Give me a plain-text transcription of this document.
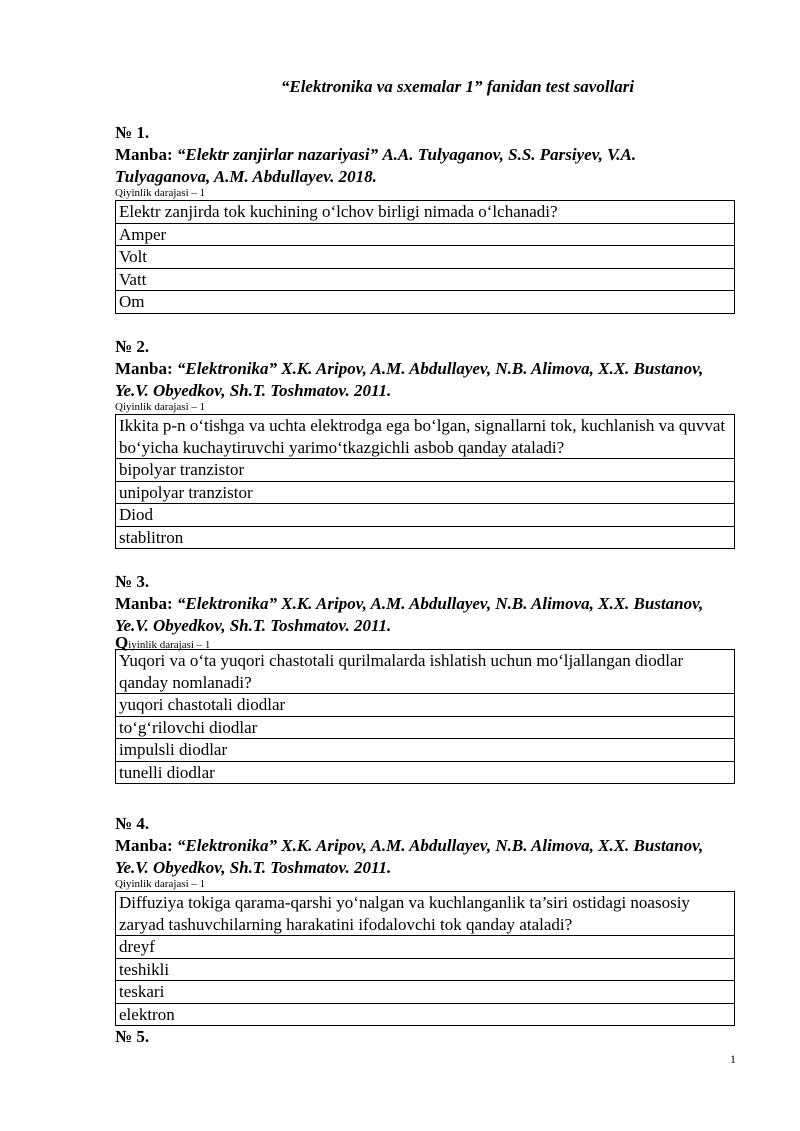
“Elektronika va sxemalar 1” fanidan test savollari
№ 1.
Manba: “Elektr zanjirlar nazariyasi” A.A. Tulyaganov, S.S. Parsiyev, V.A. Tulyaganova, A.M. Abdullayev. 2018.
Qiyinlik darajasi – 1
Elektr zanjirda tok kuchining o‘lchov birligi nimada o‘lchanadi?
Amper
Volt
Vatt
Om
№ 2.
Manba: “Elektronika” X.K. Aripov, A.M. Abdullayev, N.B. Alimova, X.X. Bustanov, Ye.V. Obyedkov, Sh.T. Toshmatov. 2011.
Qiyinlik darajasi – 1
Ikkita p-n o‘tishga va uchta elektrodga ega bo‘lgan, signallarni tok, kuchlanish va quvvat bo‘yicha kuchaytiruvchi yarimo‘tkazgichli asbob qanday ataladi?
bipolyar tranzistor
unipolyar tranzistor
Diod
stablitron
№ 3.
Manba: “Elektronika” X.K. Aripov, A.M. Abdullayev, N.B. Alimova, X.X. Bustanov, Ye.V. Obyedkov, Sh.T. Toshmatov. 2011.
Qiyinlik darajasi – 1
Yuqori va o‘ta yuqori chastotali qurilmalarda ishlatish uchun mo‘ljallangan diodlar qanday nomlanadi?
yuqori chastotali diodlar
to‘g‘rilovchi diodlar
impulsli diodlar
tunelli diodlar
№ 4.
Manba: “Elektronika” X.K. Aripov, A.M. Abdullayev, N.B. Alimova, X.X. Bustanov, Ye.V. Obyedkov, Sh.T. Toshmatov. 2011.
Qiyinlik darajasi – 1
Diffuziya tokiga qarama-qarshi yo‘nalgan va kuchlanganlik ta’siri ostidagi noasosiy zaryad tashuvchilarning harakatini ifodalovchi tok qanday ataladi?
dreyf
teshikli
teskari
elektron
№ 5.
1
